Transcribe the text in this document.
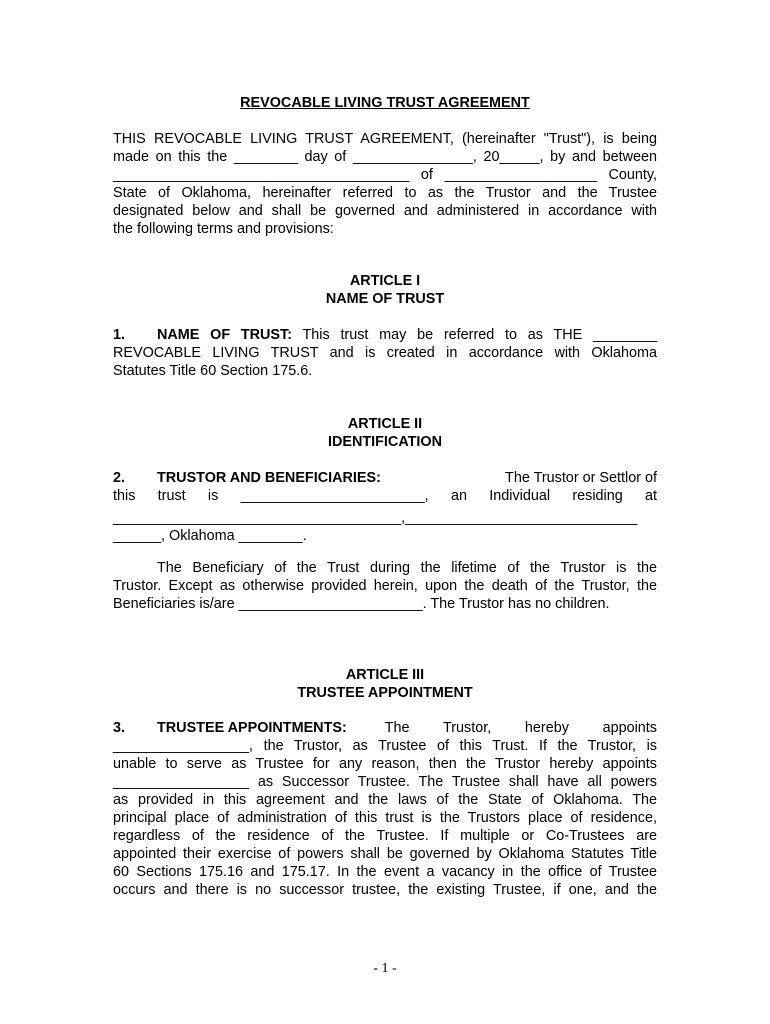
REVOCABLE LIVING TRUST AGREEMENT
THIS REVOCABLE LIVING TRUST AGREEMENT, (hereinafter "Trust"), is being
made on this the ________ day of _______________, 20_____, by and between
_____________________________________ of ___________________ County,
State of Oklahoma, hereinafter referred to as the Trustor and the Trustee
designated below and shall be governed and administered in accordance with
the following terms and provisions:
ARTICLE I
NAME OF TRUST
1. NAME OF TRUST: This trust may be referred to as THE ________
REVOCABLE LIVING TRUST and is created in accordance with Oklahoma
Statutes Title 60 Section 175.6.
ARTICLE II
IDENTIFICATION
2.	TRUSTOR AND BENEFICIARIES:	The Trustor or Settlor of
this trust is _______________________, an Individual residing at
____________________________________,_____________________________
______, Oklahoma ________.
The Beneficiary of the Trust during the lifetime of the Trustor is the
Trustor. Except as otherwise provided herein, upon the death of the Trustor, the
Beneficiaries is/are _______________________. The Trustor has no children.
ARTICLE III
TRUSTEE APPOINTMENT
3.	TRUSTEE APPOINTMENTS:	The Trustor, hereby appoints
_________________, the Trustor, as Trustee of this Trust. If the Trustor, is
unable to serve as Trustee for any reason, then the Trustor hereby appoints
_________________ as Successor Trustee. The Trustee shall have all powers
as provided in this agreement and the laws of the State of Oklahoma. The
principal place of administration of this trust is the Trustors place of residence,
regardless of the residence of the Trustee. If multiple or Co-Trustees are
appointed their exercise of powers shall be governed by Oklahoma Statutes Title
60 Sections 175.16 and 175.17. In the event a vacancy in the office of Trustee
occurs and there is no successor trustee, the existing Trustee, if one, and the
- 1 -
